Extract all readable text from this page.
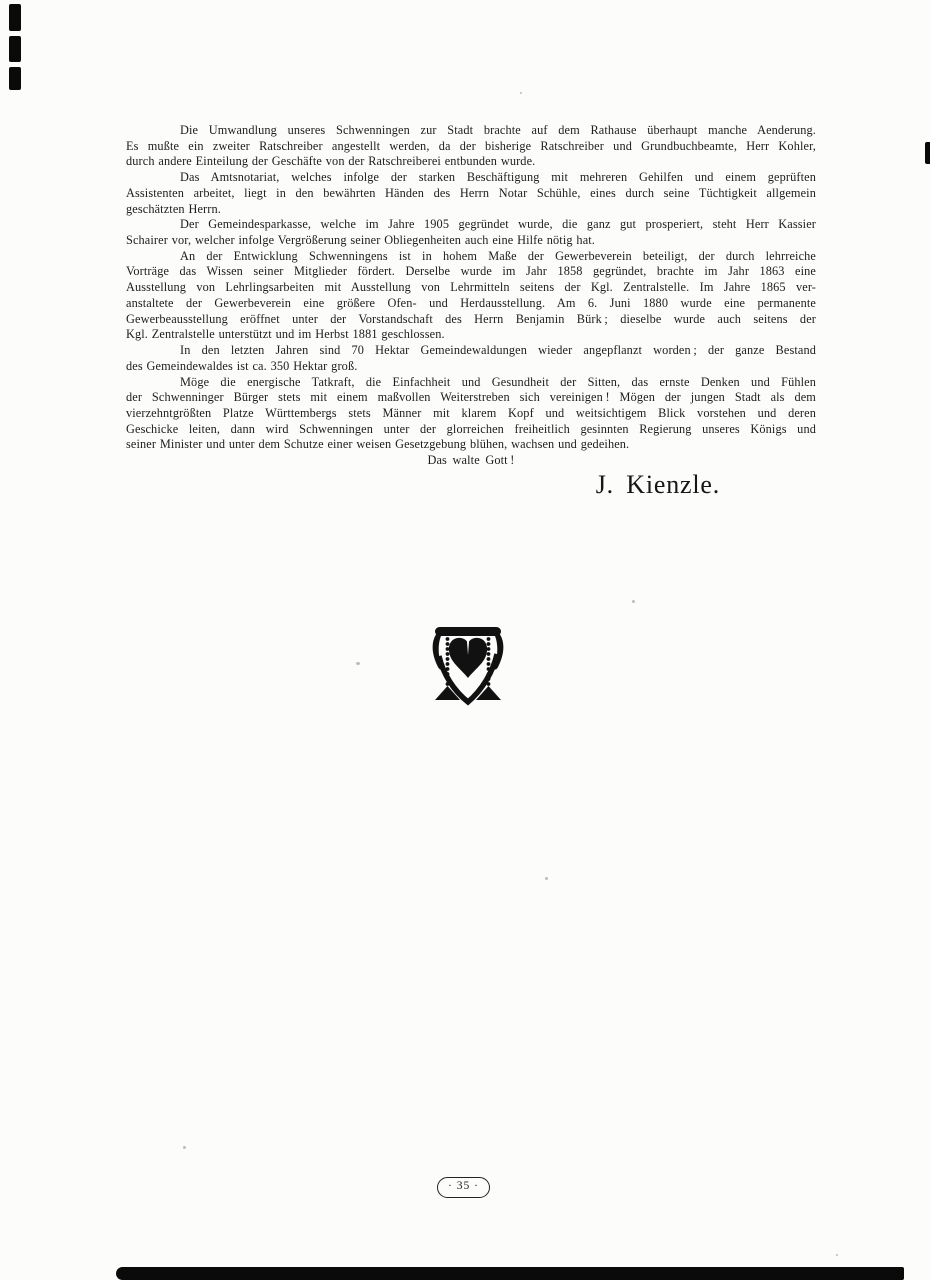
Die Umwandlung unseres Schwenningen zur Stadt brachte auf dem Rathause überhaupt manche Aenderung.
Es mußte ein zweiter Ratschreiber angestellt werden, da der bisherige Ratschreiber und Grundbuchbeamte, Herr Kohler,
durch andere Einteilung der Geschäfte von der Ratschreiberei entbunden wurde.
Das Amtsnotariat, welches infolge der starken Beschäftigung mit mehreren Gehilfen und einem geprüften
Assistenten arbeitet, liegt in den bewährten Händen des Herrn Notar Schühle, eines durch seine Tüchtigkeit allgemein
geschätzten Herrn.
Der Gemeindesparkasse, welche im Jahre 1905 gegründet wurde, die ganz gut prosperiert, steht Herr Kassier
Schairer vor, welcher infolge Vergrößerung seiner Obliegenheiten auch eine Hilfe nötig hat.
An der Entwicklung Schwenningens ist in hohem Maße der Gewerbeverein beteiligt, der durch lehrreiche
Vorträge das Wissen seiner Mitglieder fördert. Derselbe wurde im Jahr 1858 gegründet, brachte im Jahr 1863 eine
Ausstellung von Lehrlingsarbeiten mit Ausstellung von Lehrmitteln seitens der Kgl. Zentralstelle. Im Jahre 1865 ver-
anstaltete der Gewerbeverein eine größere Ofen- und Herdausstellung. Am 6. Juni 1880 wurde eine permanente
Gewerbeausstellung eröffnet unter der Vorstandschaft des Herrn Benjamin Bürk ; dieselbe wurde auch seitens der
Kgl. Zentralstelle unterstützt und im Herbst 1881 geschlossen.
In den letzten Jahren sind 70 Hektar Gemeindewaldungen wieder angepflanzt worden ; der ganze Bestand
des Gemeindewaldes ist ca. 350 Hektar groß.
Möge die energische Tatkraft, die Einfachheit und Gesundheit der Sitten, das ernste Denken und Fühlen
der Schwenninger Bürger stets mit einem maßvollen Weiterstreben sich vereinigen ! Mögen der jungen Stadt als dem
vierzehntgrößten Platze Württembergs stets Männer mit klarem Kopf und weitsichtigem Blick vorstehen und deren
Geschicke leiten, dann wird Schwenningen unter der glorreichen freiheitlich gesinnten Regierung unseres Königs und
seiner Minister und unter dem Schutze einer weisen Gesetzgebung blühen, wachsen und gedeihen.
Das walte Gott !
J. Kienzle.
· 35 ·
